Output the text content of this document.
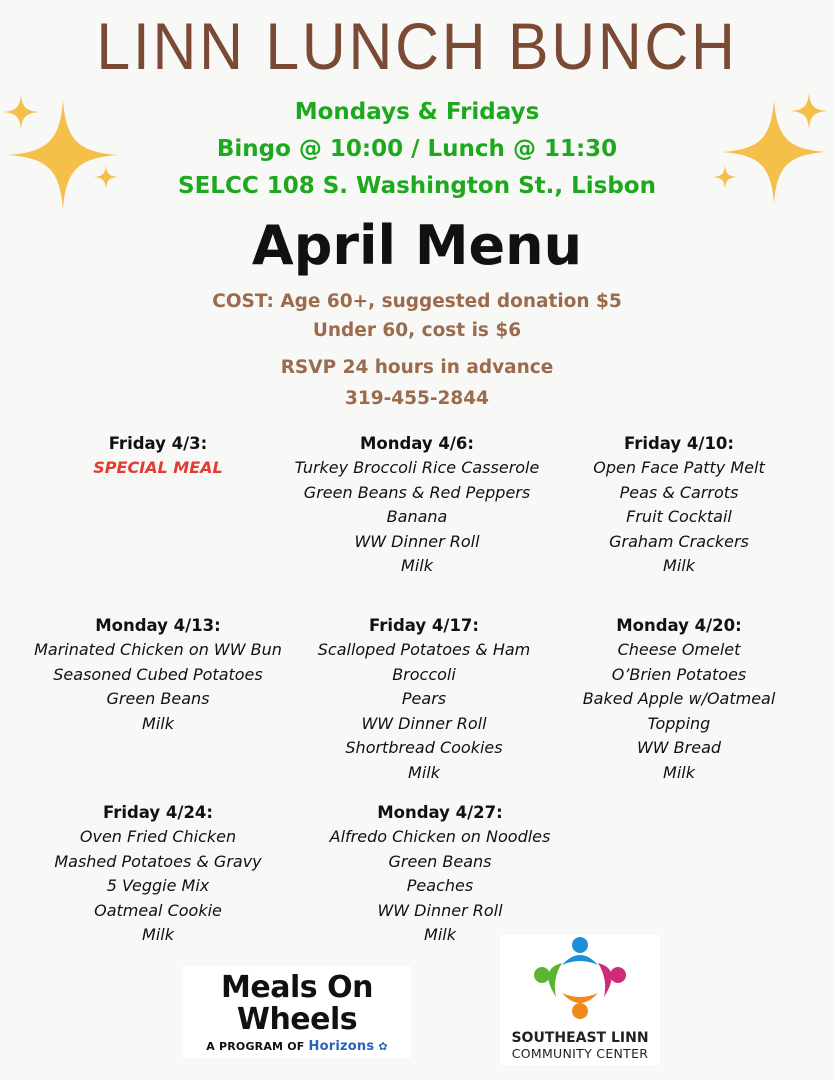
LINN LUNCH BUNCH
Mondays & Fridays
Bingo @ 10:00 / Lunch @ 11:30
SELCC 108 S. Washington St., Lisbon
April Menu
COST: Age 60+, suggested donation $5
Under 60, cost is $6
RSVP 24 hours in advance
319-455-2844
Friday 4/3:
SPECIAL MEAL
Monday 4/6:
Turkey Broccoli Rice Casserole
Green Beans & Red Peppers
Banana
WW Dinner Roll
Milk
Friday 4/10:
Open Face Patty Melt
Peas & Carrots
Fruit Cocktail
Graham Crackers
Milk
Monday 4/13:
Marinated Chicken on WW Bun
Seasoned Cubed Potatoes
Green Beans
Milk
Friday 4/17:
Scalloped Potatoes & Ham
Broccoli
Pears
WW Dinner Roll
Shortbread Cookies
Milk
Monday 4/20:
Cheese Omelet
O’Brien Potatoes
Baked Apple w/Oatmeal
Topping
WW Bread
Milk
Friday 4/24:
Oven Fried Chicken
Mashed Potatoes & Gravy
5 Veggie Mix
Oatmeal Cookie
Milk
Monday 4/27:
Alfredo Chicken on Noodles
Green Beans
Peaches
WW Dinner Roll
Milk
Meals On
Wheels
A PROGRAM OF Horizons ✿
SOUTHEAST LINN
COMMUNITY CENTER
